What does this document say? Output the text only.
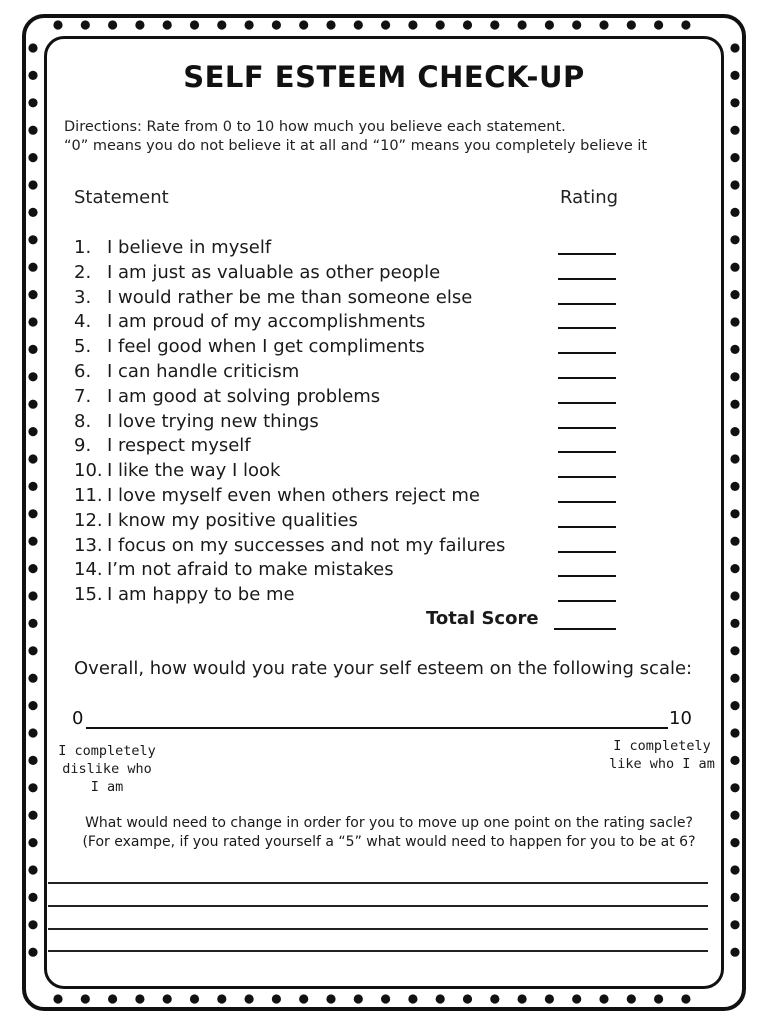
SELF ESTEEM CHECK-UP
Directions: Rate from 0 to 10 how much you believe each statement.
“0” means you do not believe it at all and “10” means you completely believe it
Statement	Rating
1. I believe in myself
2. I am just as valuable as other people
3. I would rather be me than someone else
4. I am proud of my accomplishments
5. I feel good when I get compliments
6. I can handle criticism
7. I am good at solving problems
8. I love trying new things
9. I respect myself
10. I like the way I look
11. I love myself even when others reject me
12. I know my positive qualities
13. I focus on my successes and not my failures
14. I’m not afraid to make mistakes
15. I am happy to be me
Total Score
Overall, how would you rate your self esteem on the following scale:
0	10
I completely dislike who I am
I completely like who I am
What would need to change in order for you to move up one point on the rating sacle?
(For exampe, if you rated yourself a “5” what would need to happen for you to be at 6?
